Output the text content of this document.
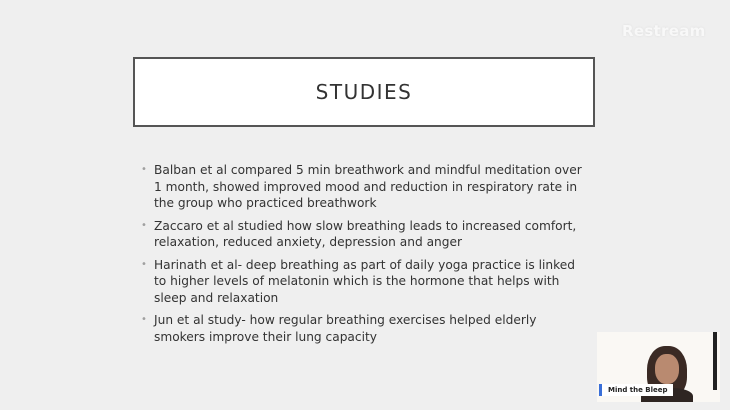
Restream
STUDIES
• Balban et al compared 5 min breathwork and mindful meditation over 1 month, showed improved mood and reduction in respiratory rate in the group who practiced breathwork
• Zaccaro et al studied how slow breathing leads to increased comfort, relaxation, reduced anxiety, depression and anger
• Harinath et al- deep breathing as part of daily yoga practice is linked to higher levels of melatonin which is the hormone that helps with sleep and relaxation
• Jun et al study- how regular breathing exercises helped elderly smokers improve their lung capacity
Mind the Bleep
